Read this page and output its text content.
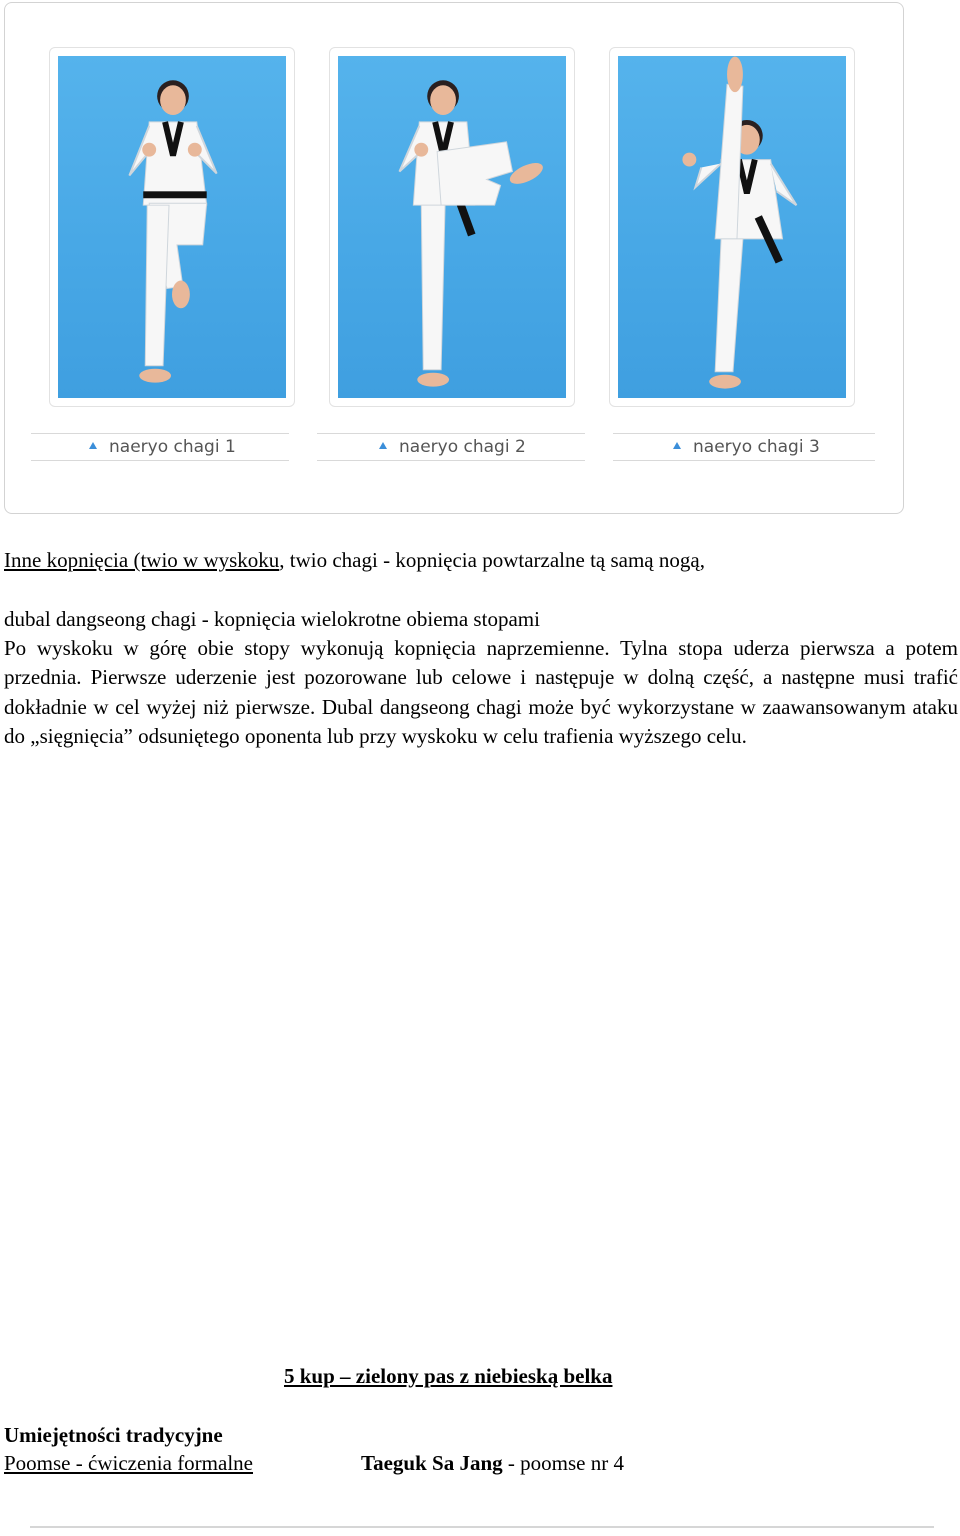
naeryo chagi 1	naeryo chagi 2	naeryo chagi 3
Inne kopnięcia (twio w wyskoku, twio chagi - kopnięcia powtarzalne tą samą nogą,
dubal dangseong chagi - kopnięcia wielokrotne obiema stopami
Po wyskoku w górę obie stopy wykonują kopnięcia naprzemienne. Tylna stopa uderza pierwsza a potem przednia. Pierwsze uderzenie jest pozorowane lub celowe i następuje w dolną część, a następne musi trafić dokładnie w cel wyżej niż pierwsze. Dubal dangseong chagi może być wykorzystane w zaawansowanym ataku do „sięgnięcia” odsuniętego oponenta lub przy wyskoku w celu trafienia wyższego celu.
5 kup – zielony pas z niebieską belka
Umiejętności tradycyjne
Poomse - ćwiczenia formalne	Taeguk Sa Jang - poomse nr 4
